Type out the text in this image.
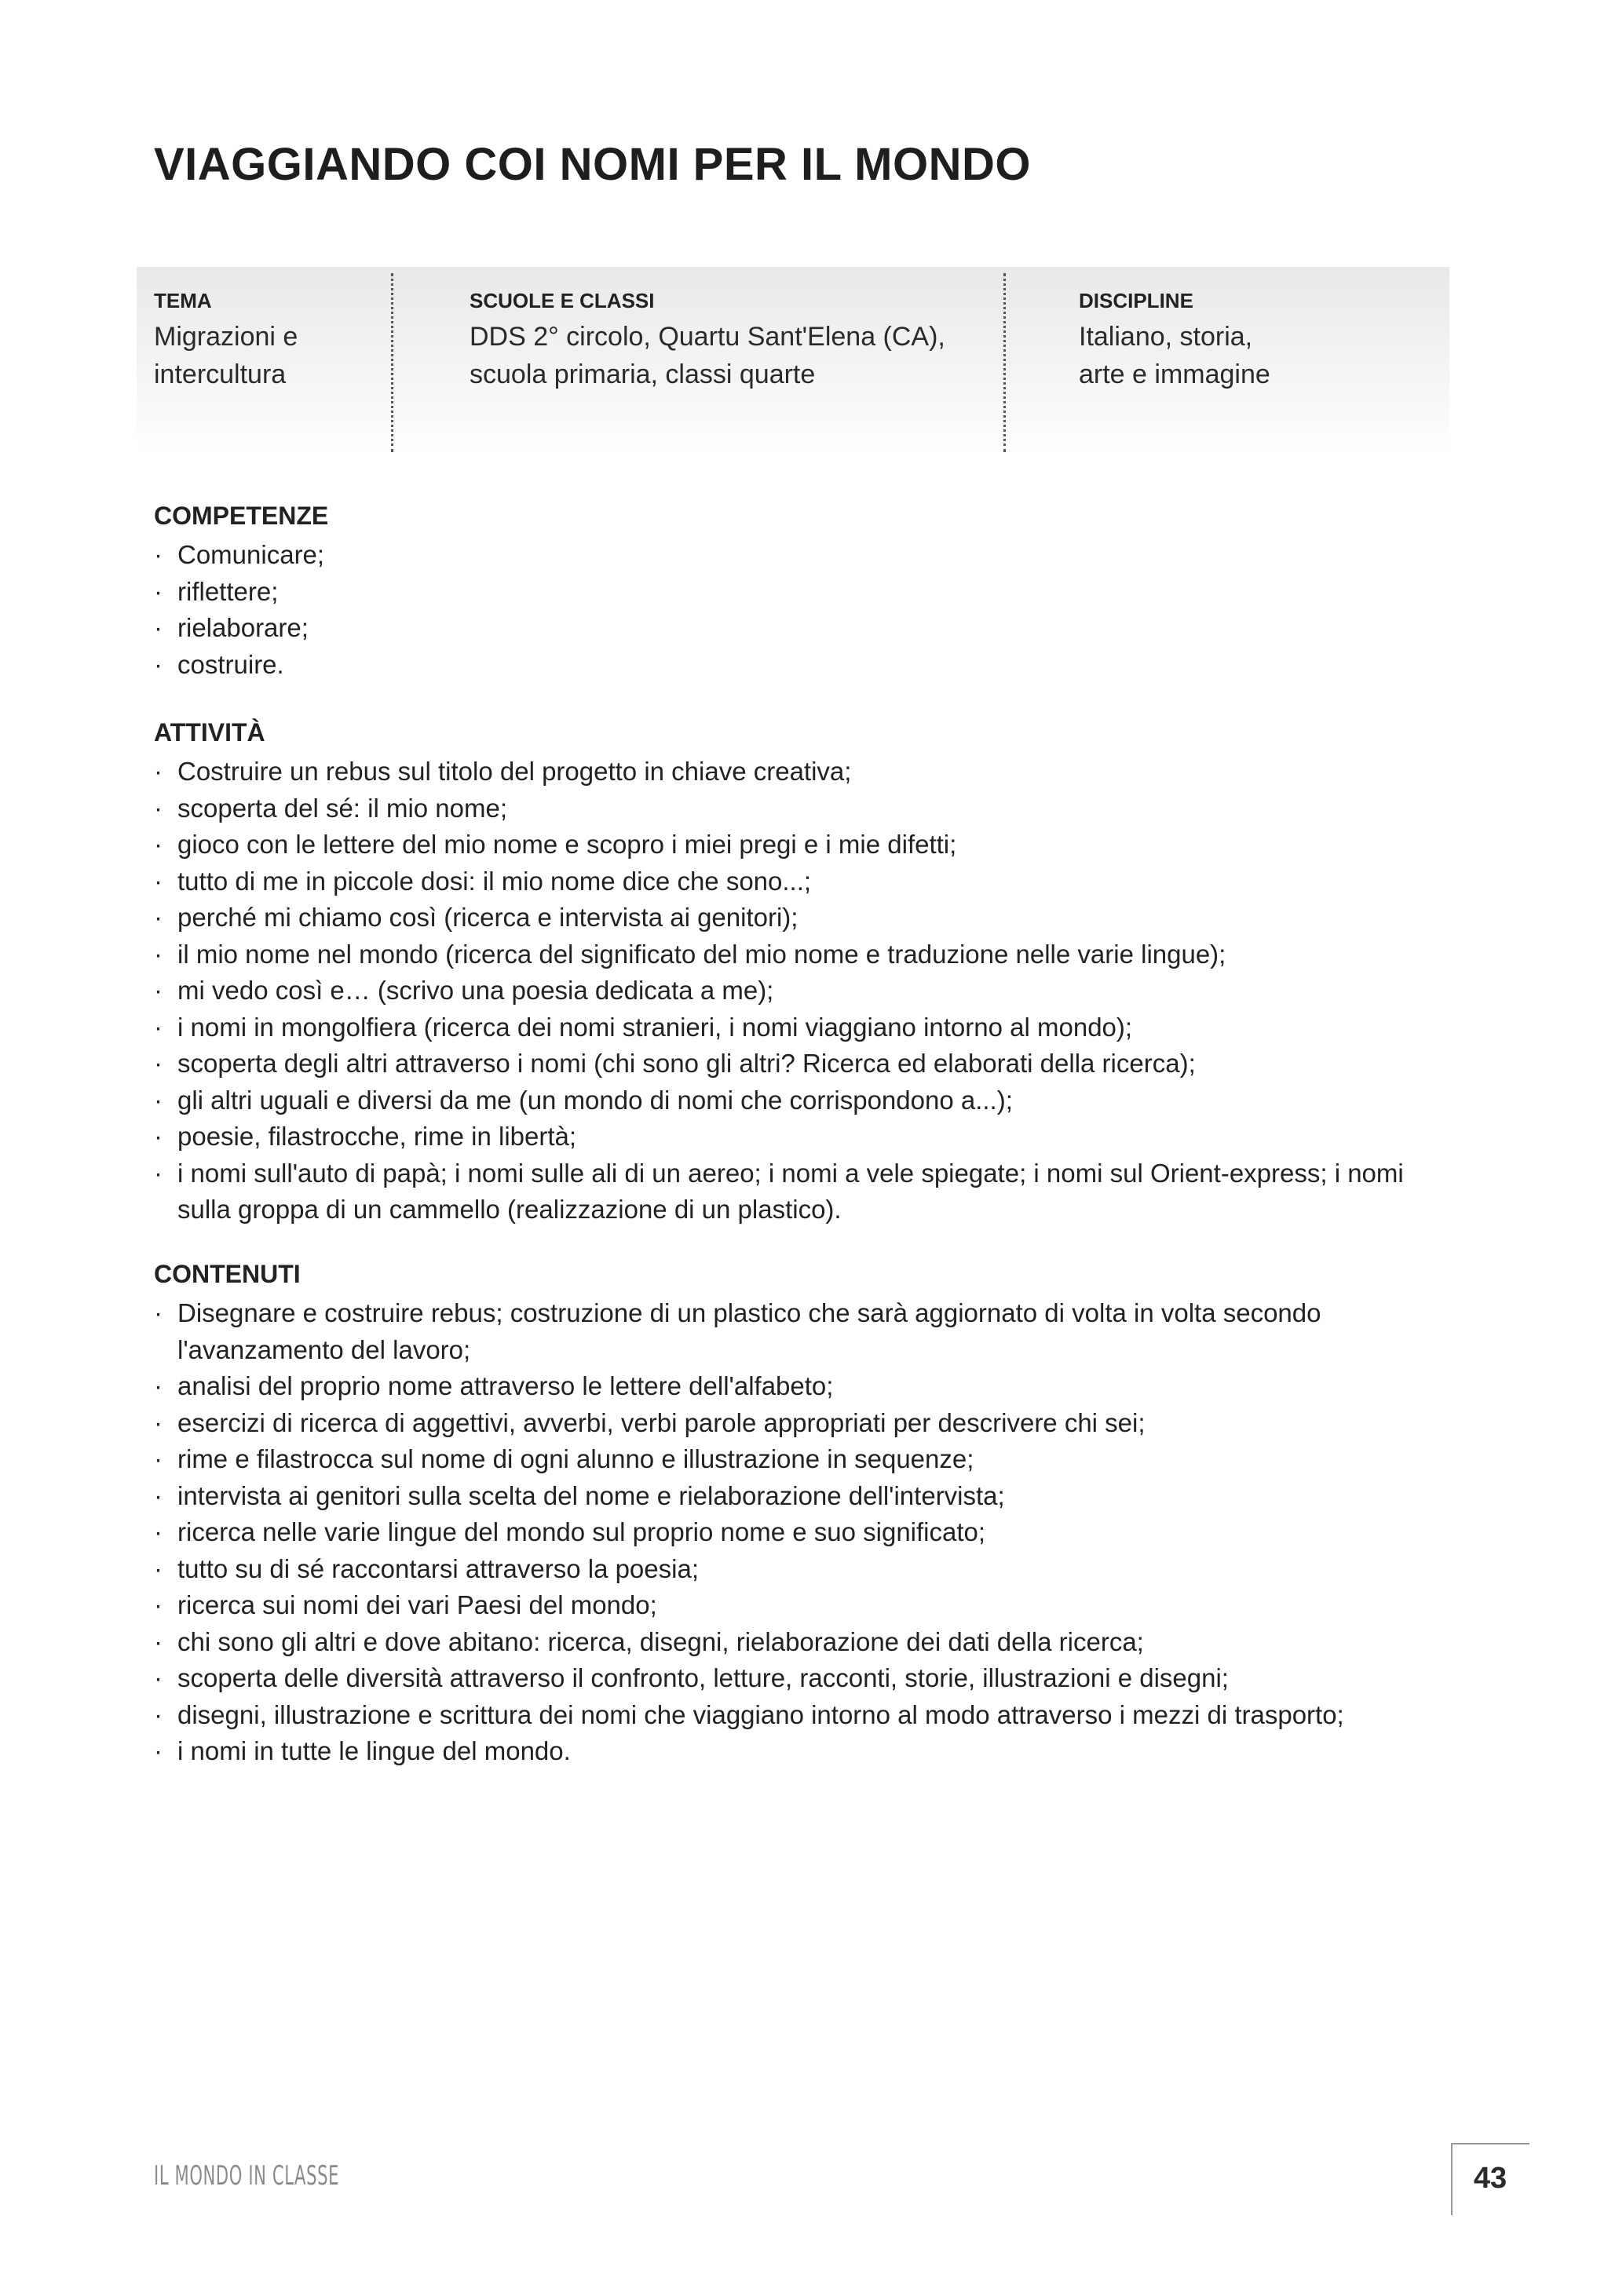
VIAGGIANDO COI NOMI PER IL MONDO
TEMA
Migrazioni e
intercultura
SCUOLE E CLASSI
DDS 2° circolo, Quartu Sant'Elena (CA),
scuola primaria, classi quarte
DISCIPLINE
Italiano, storia,
arte e immagine
COMPETENZE
· Comunicare;
· riflettere;
· rielaborare;
· costruire.
ATTIVITÀ
· Costruire un rebus sul titolo del progetto in chiave creativa;
· scoperta del sé: il mio nome;
· gioco con le lettere del mio nome e scopro i miei pregi e i mie difetti;
· tutto di me in piccole dosi: il mio nome dice che sono...;
· perché mi chiamo così (ricerca e intervista ai genitori);
· il mio nome nel mondo (ricerca del significato del mio nome e traduzione nelle varie lingue);
· mi vedo così e… (scrivo una poesia dedicata a me);
· i nomi in mongolfiera (ricerca dei nomi stranieri, i nomi viaggiano intorno al mondo);
· scoperta degli altri attraverso i nomi (chi sono gli altri? Ricerca ed elaborati della ricerca);
· gli altri uguali e diversi da me (un mondo di nomi che corrispondono a...);
· poesie, filastrocche, rime in libertà;
· i nomi sull'auto di papà; i nomi sulle ali di un aereo; i nomi a vele spiegate; i nomi sul Orient-express; i nomi sulla groppa di un cammello (realizzazione di un plastico).
CONTENUTI
· Disegnare e costruire rebus; costruzione di un plastico che sarà aggiornato di volta in volta secondo l'avanzamento del lavoro;
· analisi del proprio nome attraverso le lettere dell'alfabeto;
· esercizi di ricerca di aggettivi, avverbi, verbi parole appropriati per descrivere chi sei;
· rime e filastrocca sul nome di ogni alunno e illustrazione in sequenze;
· intervista ai genitori sulla scelta del nome e rielaborazione dell'intervista;
· ricerca nelle varie lingue del mondo sul proprio nome e suo significato;
· tutto su di sé raccontarsi attraverso la poesia;
· ricerca sui nomi dei vari Paesi del mondo;
· chi sono gli altri e dove abitano: ricerca, disegni, rielaborazione dei dati della ricerca;
· scoperta delle diversità attraverso il confronto, letture, racconti, storie, illustrazioni e disegni;
· disegni, illustrazione e scrittura dei nomi che viaggiano intorno al modo attraverso i mezzi di trasporto;
· i nomi in tutte le lingue del mondo.
IL MONDO IN CLASSE	43
